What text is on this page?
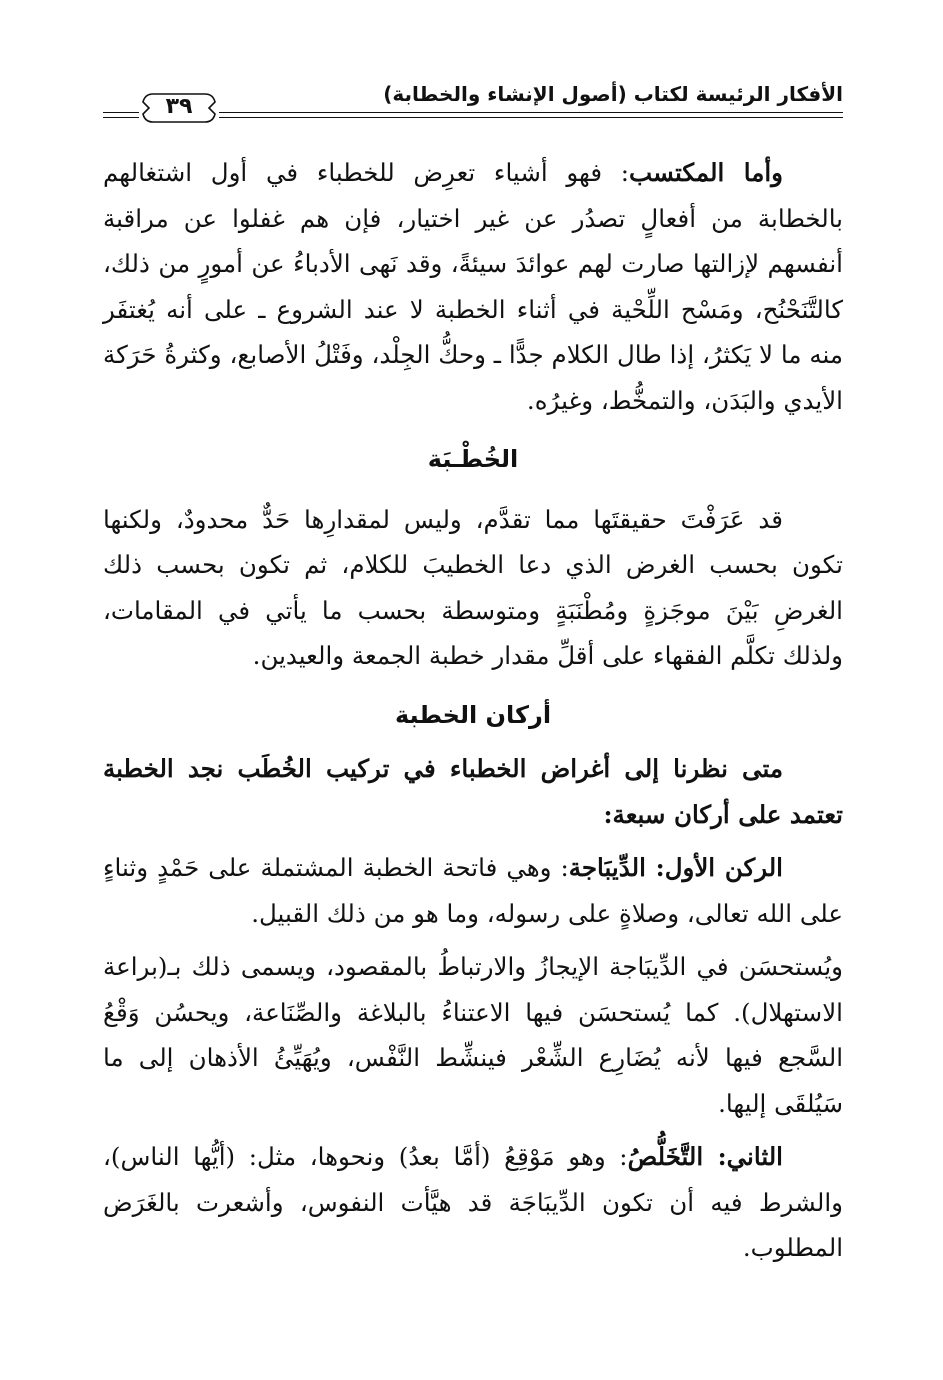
الأفكار الرئيسة لكتاب (أصول الإنشاء والخطابة)
٣٩

وأما المكتسب: فهو أشياء تعرِض للخطباء في أول اشتغالهم بالخطابة من أفعالٍ تصدُر عن غير اختيار، فإن هم غفلوا عن مراقبة أنفسهم لإزالتها صارت لهم عوائدَ سيئةً، وقد نَهى الأدباءُ عن أمورٍ من ذلك، كالتَّنَحْنُح، ومَسْح اللِّحْية في أثناء الخطبة لا عند الشروع ـ على أنه يُغتفَر منه ما لا يَكثرُ، إذا طال الكلام جدًّا ـ وحكُّ الجِلْد، وفَتْلُ الأصابع، وكثرةُ حَرَكة الأيدي والبَدَن، والتمخُّط، وغيرُه.

الخُطْـبَة

قد عَرَفْتَ حقيقتَها مما تقدَّم، وليس لمقدارِها حَدٌّ محدودٌ، ولكنها تكون بحسب الغرض الذي دعا الخطيبَ للكلام، ثم تكون بحسب ذلك الغرضِ بَيْنَ موجَزةٍ ومُطْنَبَةٍ ومتوسطة بحسب ما يأتي في المقامات، ولذلك تكلَّم الفقهاء على أقلِّ مقدار خطبة الجمعة والعيدين.

أركان الخطبة

متى نظرنا إلى أغراض الخطباء في تركيب الخُطَب نجد الخطبة تعتمد على أركان سبعة:

الركن الأول: الدِّيبَاجة: وهي فاتحة الخطبة المشتملة على حَمْدٍ وثناءٍ على الله تعالى، وصلاةٍ على رسوله، وما هو من ذلك القبيل.

ويُستحسَن في الدِّيبَاجة الإيجازُ والارتباطُ بالمقصود، ويسمى ذلك بـ(براعة الاستهلال). كما يُستحسَن فيها الاعتناءُ بالبلاغة والصِّنَاعة، ويحسُن وَقْعُ السَّجع فيها لأنه يُضَارِع الشِّعْر فينشِّط النَّفْس، ويُهَيِّئُ الأذهان إلى ما سَيُلقَى إليها.

الثاني: التَّخَلُّصُ: وهو مَوْقِعُ (أمَّا بعدُ) ونحوها، مثل: (أيُّها الناس)، والشرط فيه أن تكون الدِّيبَاجَة قد هيَّأت النفوس، وأشعرت بالغَرَض المطلوب.
